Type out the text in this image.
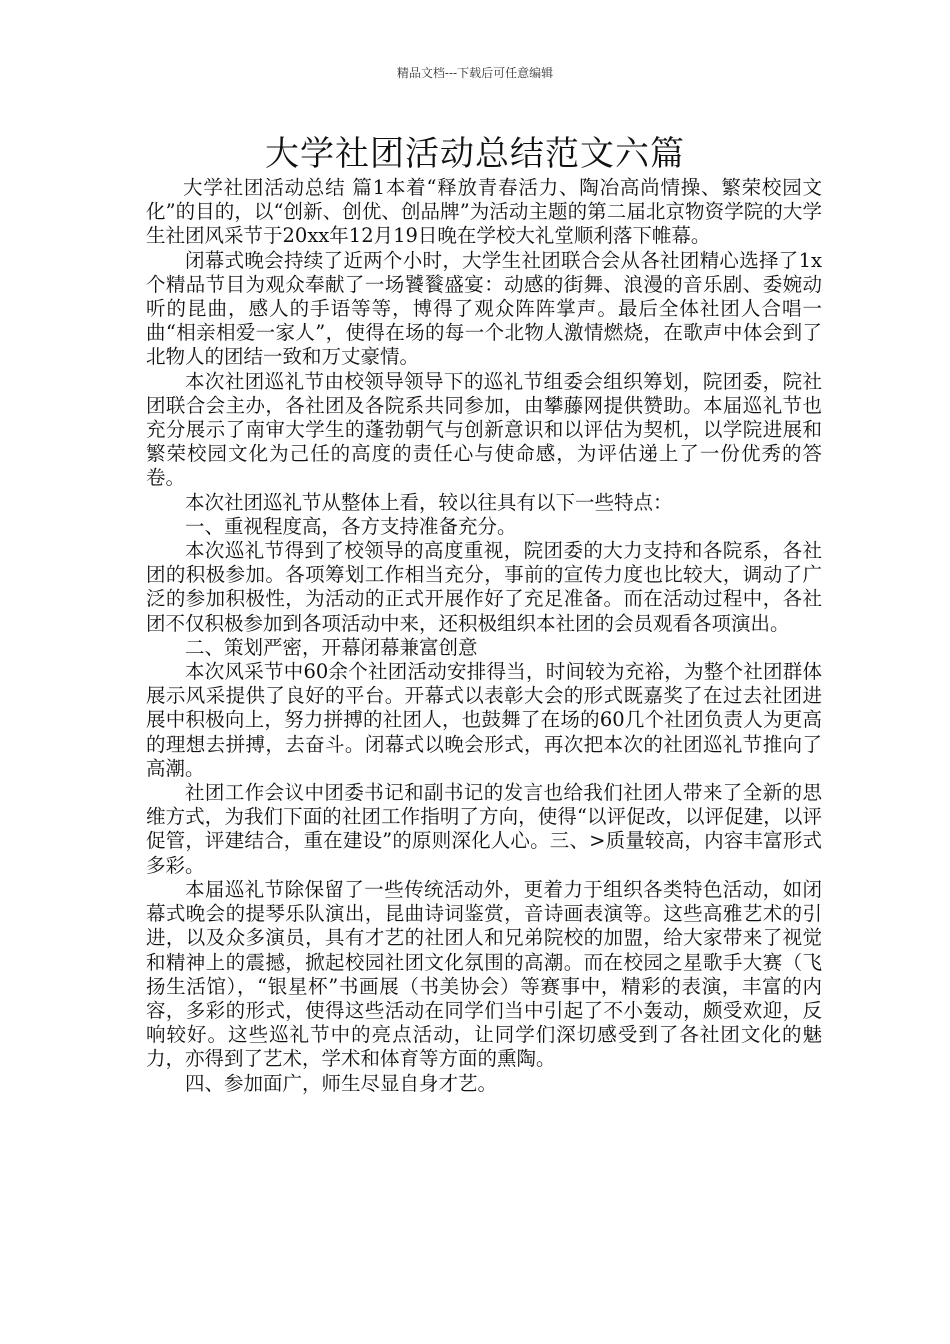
精品文档---下载后可任意编辑
大学社团活动总结范文六篇

大学社团活动总结 篇1本着“释放青春活力、陶冶高尚情操、繁荣校园文化”的目的，以“创新、创优、创品牌”为活动主题的第二届北京物资学院的大学生社团风采节于20xx年12月19日晚在学校大礼堂顺利落下帷幕。

闭幕式晚会持续了近两个小时，大学生社团联合会从各社团精心选择了1x个精品节目为观众奉献了一场饕餮盛宴：动感的街舞、浪漫的音乐剧、委婉动听的昆曲，感人的手语等等，博得了观众阵阵掌声。最后全体社团人合唱一曲“相亲相爱一家人”，使得在场的每一个北物人激情燃烧，在歌声中体会到了北物人的团结一致和万丈豪情。

本次社团巡礼节由校领导领导下的巡礼节组委会组织筹划，院团委，院社团联合会主办，各社团及各院系共同参加，由攀藤网提供赞助。本届巡礼节也充分展示了南审大学生的蓬勃朝气与创新意识和以评估为契机，以学院进展和繁荣校园文化为己任的高度的责任心与使命感，为评估递上了一份优秀的答卷。

本次社团巡礼节从整体上看，较以往具有以下一些特点：

一、重视程度高，各方支持准备充分。

本次巡礼节得到了校领导的高度重视，院团委的大力支持和各院系，各社团的积极参加。各项筹划工作相当充分，事前的宣传力度也比较大，调动了广泛的参加积极性，为活动的正式开展作好了充足准备。而在活动过程中，各社团不仅积极参加到各项活动中来，还积极组织本社团的会员观看各项演出。

二、策划严密，开幕闭幕兼富创意

本次风采节中60余个社团活动安排得当，时间较为充裕，为整个社团群体展示风采提供了良好的平台。开幕式以表彰大会的形式既嘉奖了在过去社团进展中积极向上，努力拼搏的社团人，也鼓舞了在场的60几个社团负责人为更高的理想去拼搏，去奋斗。闭幕式以晚会形式，再次把本次的社团巡礼节推向了高潮。

社团工作会议中团委书记和副书记的发言也给我们社团人带来了全新的思维方式，为我们下面的社团工作指明了方向，使得“以评促改，以评促建，以评促管，评建结合，重在建设”的原则深化人心。三、>质量较高，内容丰富形式多彩。

本届巡礼节除保留了一些传统活动外，更着力于组织各类特色活动，如闭幕式晚会的提琴乐队演出，昆曲诗词鉴赏，音诗画表演等。这些高雅艺术的引进，以及众多演员，具有才艺的社团人和兄弟院校的加盟，给大家带来了视觉和精神上的震撼，掀起校园社团文化氛围的高潮。而在校园之星歌手大赛（飞扬生活馆），“银星杯”书画展（书美协会）等赛事中，精彩的表演，丰富的内容，多彩的形式，使得这些活动在同学们当中引起了不小轰动，颇受欢迎，反响较好。这些巡礼节中的亮点活动，让同学们深切感受到了各社团文化的魅力，亦得到了艺术，学术和体育等方面的熏陶。

四、参加面广，师生尽显自身才艺。
